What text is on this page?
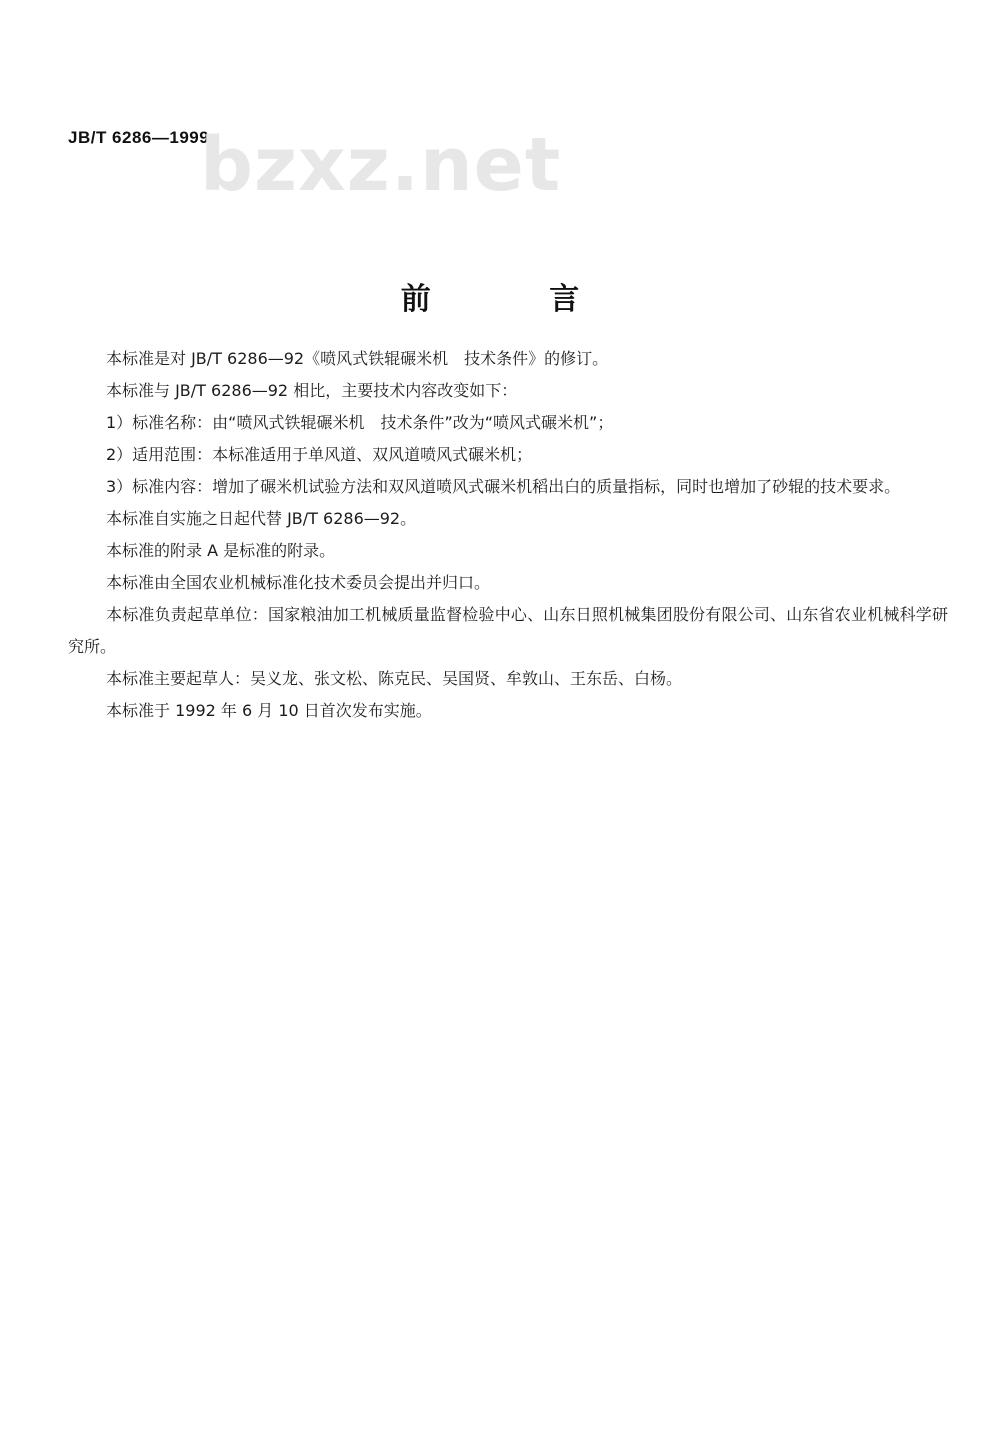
JB/T 6286—1999
bzxz.net
前 言

本标准是对 JB/T 6286—92《喷风式铁辊碾米机　技术条件》的修订。

本标准与 JB/T 6286—92 相比，主要技术内容改变如下：

1）标准名称：由“喷风式铁辊碾米机　技术条件”改为“喷风式碾米机”；

2）适用范围：本标准适用于单风道、双风道喷风式碾米机；

3）标准内容：增加了碾米机试验方法和双风道喷风式碾米机稻出白的质量指标，同时也增加了砂辊的技术要求。

本标准自实施之日起代替 JB/T 6286—92。

本标准的附录 A 是标准的附录。

本标准由全国农业机械标准化技术委员会提出并归口。

本标准负责起草单位：国家粮油加工机械质量监督检验中心、山东日照机械集团股份有限公司、山东省农业机械科学研究所。

本标准主要起草人：吴义龙、张文松、陈克民、吴国贤、牟敦山、王东岳、白杨。

本标准于 1992 年 6 月 10 日首次发布实施。
